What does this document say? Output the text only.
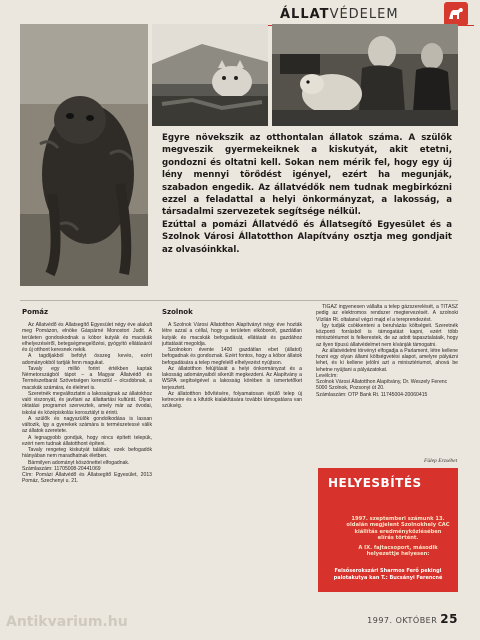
ÁLLATVÉDELEM

Egyre növekszik az otthontalan állatok száma. A szülők megveszik gyermekeiknek a kiskutyát, akit etetni, gondozni és oltatni kell. Sokan nem mérik fel, hogy egy új lény mennyi törődést igényel, ezért ha megunják, szabadon engedik. Az állatvédők nem tudnak megbirkózni ezzel a feladattal a helyi önkormányzat, a lakosság, a társadalmi szervezetek segítsége nélkül.

Ezúttal a pomázi Állatvédő és Állatsegítő Egyesület és a Szolnok Városi Állatotthon Alapítvány osztja meg gondjait az olvasóinkkal.

Pomáz	Szolnok

Az Állatvédő és Állatsegítő Egyesület négy éve alakult meg Pomázon, elnöke Gáspárné Monostori Judit. A területen gondoskodnak a kóbor kutyák és macskák elhelyezéséről, betegségmegelőzési, gyógyító ellátásáról és új otthont keresnek nekik.

A tagdíjakból befolyt összeg kevés, ezért adományokból tartják fenn magukat.

Tavaly egy millió forint értékben kaptak Németországból tápot – a Magyar Állatvédő és Természetbarát Szövetségen keresztül – olcsóbbnak, a macskák számára, és élelmet is.

Szeretnék megváltoztatni a lakosságnak az állatokhoz való viszonyát, és javítani az állattartási kultúrát. Olyan oktatási programot szerveztek, amely már az óvodai, iskolai és középiskolás korosztályt is érinti.

A szülők és nagyszülők gondolkodása is lassan változik, így a gyerekek számára is természetessé válik az állatok szeretete.

A legnagyobb gondjuk, hogy nincs épített telepük, ezért nem tudnak állatotthont építeni.

Tavaly rengeteg kiskutyát találtak; ezek befogadók hiányában nem maradhatnak életben.

Bármilyen adományt köszönettel elfogadnak.

Számlaszám: 11705008-20441069

Cím: Pomázi Állatvédő és Állatsegítő Egyesület, 2013 Pomáz, Szechenyi u. 21.

A Szolnok Városi Állatotthon Alapítványt négy éve hozták létre azzal a céllal, hogy a területen elkóborolt, gazdátlan kutyák és macskák befogadását, ellátását és gazdához juttatását megoldja.

Szolnokon évente 1400 gazdátlan ebet (állatot) befogadnak és gondoznak. Ezért fontos, hogy a kóbor állatok befogadására a telep megfelelő elhelyezést nyújtson.

Az állatotthon felújítását a helyi önkormányzat és a lakosság adományaiból sikerült megkezdeni. Az Alapítvány a WSPA segítségével a lakosság körében is ismertetőket terjesztett.

Az állatotthon bővítésére, folyamatosan épülő telep új ketreceire és a kifutók kialakítására további támogatásra van szükség.

TIGÁZ ingyenesen vállalta a telep gázszerelését, a TITÁSZ pedig az elektromos rendszer megtervezését. A szolnoki Vízilán Rt. oltalanul végzi majd el a tereprendezést.

Így tudják csökkenteni a beruházás költségeit. Szeretnék központi forrásból is támogatást kapni, ezért több minisztériumot is felkerestek, de az adott tapasztalataik, hogy az ilyen típusú állatvédelmet nem kívánják támogatni.

Az állatvédelmi törvényt elfogadja a Parlament, létre kellene hozni egy olyan állami költségvetési alapot, amelyre pályázni lehet, és ki kellene jelölni azt a minisztériumot, ahová be lehetne nyújtani a pályázatokat.

Levélcím:

Szolnok Városi Állatotthon Alapítvány, Dr. Weszely Ferenc

5000 Szolnok, Pozsonyi út 20.

Számlaszám: OTP Bank Rt. 11745004-20060415

Fülep Erzsébet
HELYESBÍTÉS

1997. szeptemberi számunk 13. oldalán megjelent Szolnokhely CAC kiállítás eredményközlésében elírás történt.

A IX. fajtacsoport, második helyezettje helyesen:

Felsőserokszári Sharmos Ferő pekingi palotakutya kan T.: Bucsányi Ferencné
Antikvarium.hu	1997. OKTÓBER 25
